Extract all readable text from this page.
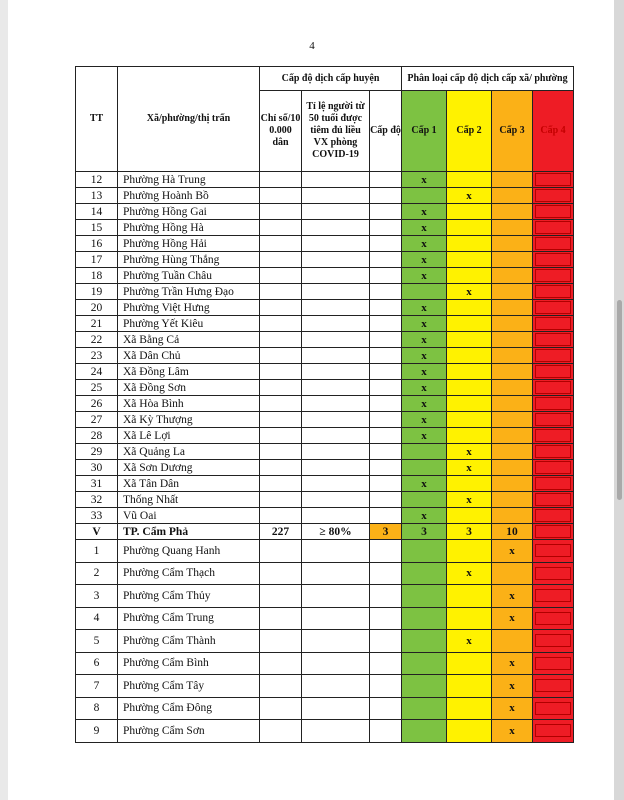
4
TT	Xã/phường/thị trấn	Cấp độ dịch cấp huyện			Phân loại cấp độ dịch cấp xã/ phường			
		Chỉ số/10 0.000 dân	Tỉ lệ người từ 50 tuổi được tiêm đủ liều VX phòng COVID-19	Cấp độ	Cấp 1	Cấp 2	Cấp 3	Cấp 4
12	Phường Hà Trung				x			

13	Phường Hoành Bồ					x		

14	Phường Hồng Gai				x			

15	Phường Hồng Hà				x			

16	Phường Hồng Hải				x			

17	Phường Hùng Thắng				x			

18	Phường Tuần Châu				x			

19	Phường Trần Hưng Đạo					x		

20	Phường Việt Hưng				x			

21	Phường Yết Kiêu				x			

22	Xã Bằng Cả				x			

23	Xã Dân Chủ				x			

24	Xã Đồng Lâm				x			

25	Xã Đồng Sơn				x			

26	Xã Hòa Bình				x			

27	Xã Kỳ Thượng				x			

28	Xã Lê Lợi				x			

29	Xã Quảng La					x		

30	Xã Sơn Dương					x		

31	Xã Tân Dân				x			

32	Thống Nhất					x		

33	Vũ Oai				x			

V	TP. Cẩm Phả	227	≥ 80%	3	3	3	10	

1	Phường Quang Hanh						x	

2	Phường Cẩm Thạch					x		

3	Phường Cẩm Thủy						x	

4	Phường Cẩm Trung						x	

5	Phường Cẩm Thành					x		

6	Phường Cẩm Bình						x	

7	Phường Cẩm Tây						x	

8	Phường Cẩm Đông						x	

9	Phường Cẩm Sơn						x	
